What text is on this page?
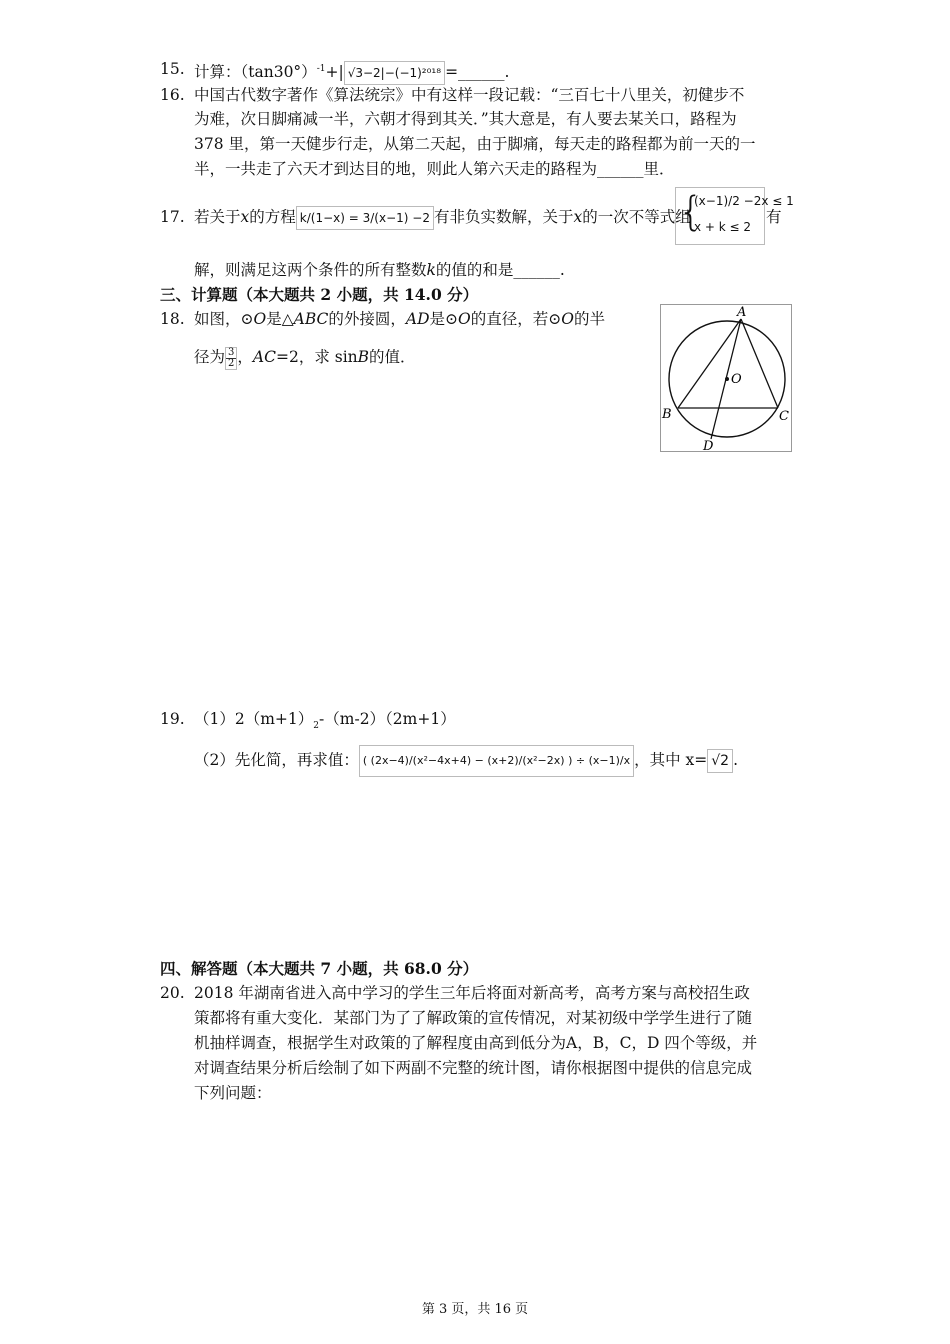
15. 计算：$(\tan 30^\circ)^{-1}+|$ √3−2|−(−1)²⁰¹⁸ =______.
16. 中国古代数字著作《算法统宗》中有这样一段记载：“三百七十八里关，初健步不
为难，次日脚痛减一半，六朝才得到其关．”其大意是，有人要去某关口，路程为
378 里，第一天健步行走，从第二天起，由于脚痛，每天走的路程都为前一天的一
半，一共走了六天才到达目的地，则此人第六天走的路程为______里．
17. 若关于x的方程 k/(1−x) = 3/(x−1) −2 有非负实数解，关于x的一次不等式组
{
(x−1)/2 −2x ≤ 1
x + k ≤ 2
有
解，则满足这两个条件的所有整数k的值的和是______.
三、计算题（本大题共 2 小题，共 14.0 分）
18. 如图，⊙O是△ABC的外接圆，AD是⊙O的直径，若⊙O的半
径为 $\frac{3}{2}$ ，AC=2，求 sinB的值．
A
O
B	C
D
19. $(1)2(m+1)_2-(m-2)(2m+1)$
（2）先化简，再求值： ( (2x−4)/(x²−4x+4) − (x+2)/(x²−2x) ) ÷ (x−1)/x ，其中 x= √2 .
四、解答题（本大题共 7 小题，共 68.0 分）
20. 2018 年湖南省进入高中学习的学生三年后将面对新高考，高考方案与高校招生政
策都将有重大变化．某部门为了了解政策的宣传情况，对某初级中学学生进行了随
机抽样调查，根据学生对政策的了解程度由高到低分为A，B，C，D 四个等级，并
对调查结果分析后绘制了如下两副不完整的统计图，请你根据图中提供的信息完成
下列问题：
第 3 页，共 16 页
